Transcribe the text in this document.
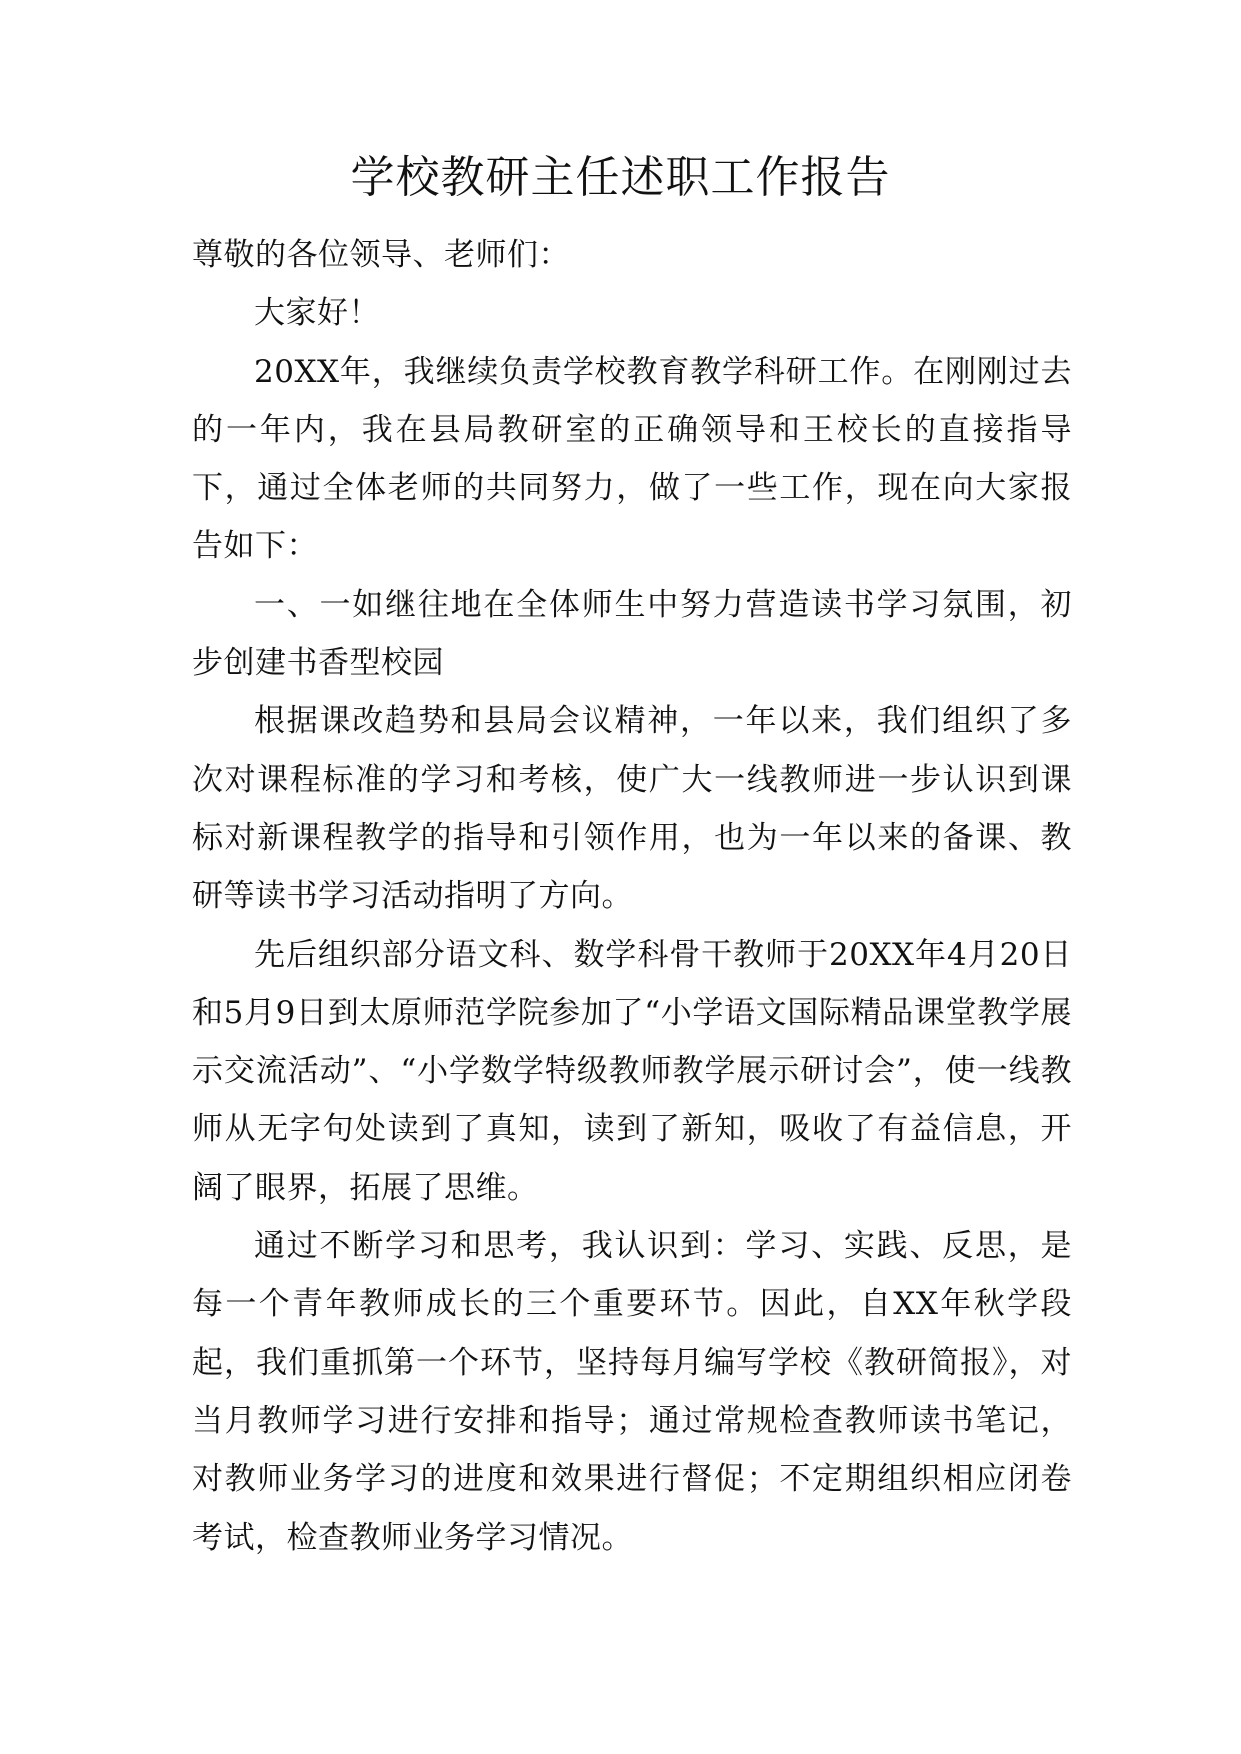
学校教研主任述职工作报告

尊敬的各位领导、老师们：

大家好！

20XX年，我继续负责学校教育教学科研工作。在刚刚过去的一年内，我在县局教研室的正确领导和王校长的直接指导下，通过全体老师的共同努力，做了一些工作，现在向大家报告如下：

一、一如继往地在全体师生中努力营造读书学习氛围，初步创建书香型校园

根据课改趋势和县局会议精神，一年以来，我们组织了多次对课程标准的学习和考核，使广大一线教师进一步认识到课标对新课程教学的指导和引领作用，也为一年以来的备课、教研等读书学习活动指明了方向。

先后组织部分语文科、数学科骨干教师于20XX年4月20日和5月9日到太原师范学院参加了“小学语文国际精品课堂教学展示交流活动”、“小学数学特级教师教学展示研讨会”，使一线教师从无字句处读到了真知，读到了新知，吸收了有益信息，开阔了眼界，拓展了思维。

通过不断学习和思考，我认识到：学习、实践、反思，是每一个青年教师成长的三个重要环节。因此，自XX年秋学段起，我们重抓第一个环节，坚持每月编写学校《教研简报》，对当月教师学习进行安排和指导；通过常规检查教师读书笔记，对教师业务学习的进度和效果进行督促；不定期组织相应闭卷考试，检查教师业务学习情况。
